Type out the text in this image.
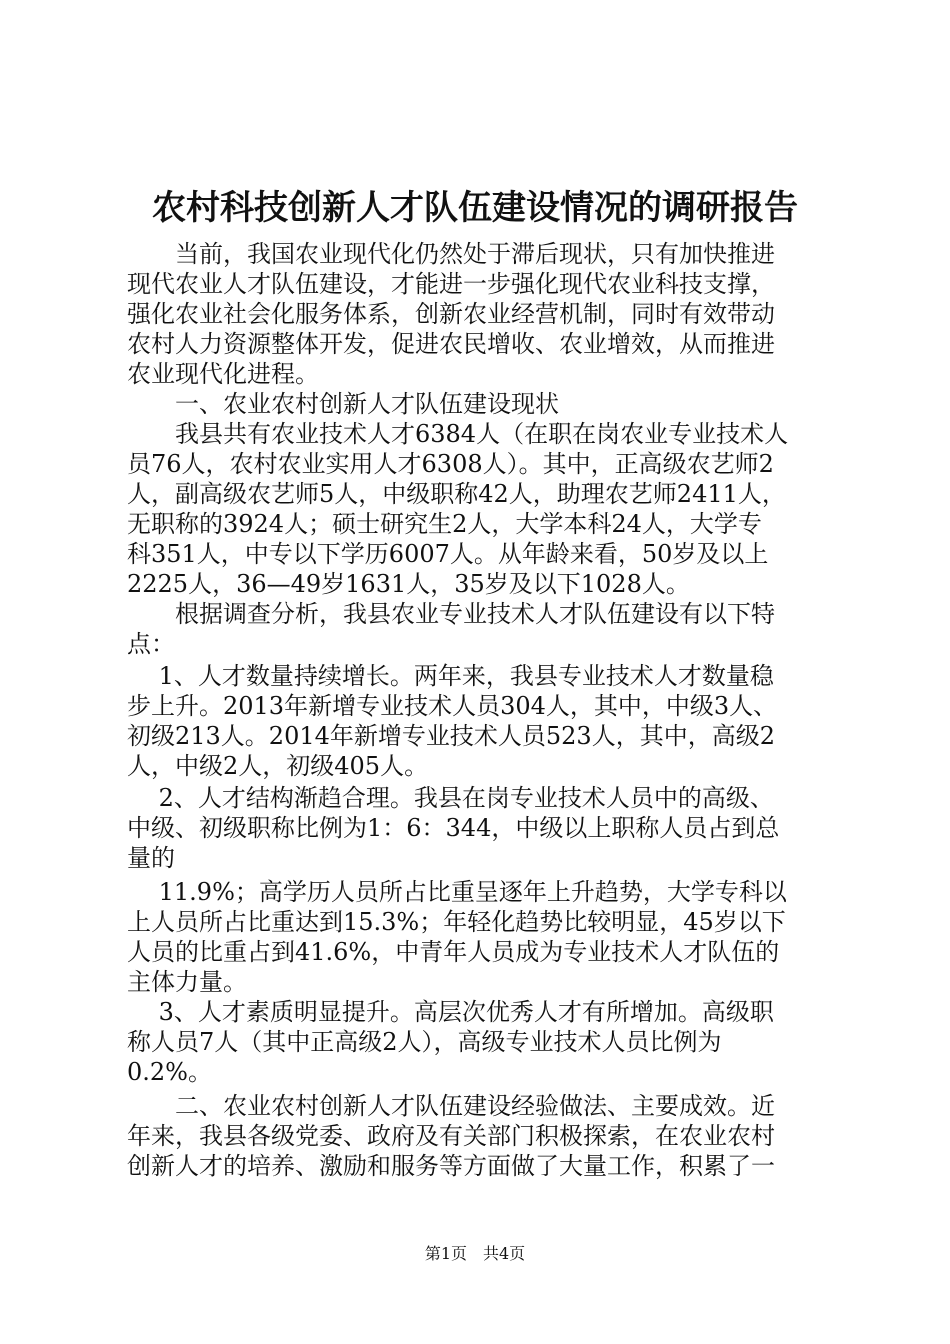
农村科技创新人才队伍建设情况的调研报告
　　当前，我国农业现代化仍然处于滞后现状，只有加快推进
现代农业人才队伍建设，才能进一步强化现代农业科技支撑，
强化农业社会化服务体系，创新农业经营机制，同时有效带动
农村人力资源整体开发，促进农民增收、农业增效，从而推进
农业现代化进程。
　　一、农业农村创新人才队伍建设现状
　　我县共有农业技术人才6384人（在职在岗农业专业技术人
员76人，农村农业实用人才6308人）。其中，正高级农艺师2
人，副高级农艺师5人，中级职称42人，助理农艺师2411人，
无职称的3924人；硕士研究生2人，大学本科24人，大学专
科351人，中专以下学历6007人。从年龄来看，50岁及以上
2225人，36—49岁1631人，35岁及以下1028人。
　　根据调查分析，我县农业专业技术人才队伍建设有以下特
点：
　 1、人才数量持续增长。两年来，我县专业技术人才数量稳
步上升。2013年新增专业技术人员304人，其中，中级3人、
初级213人。2014年新增专业技术人员523人，其中，高级2
人，中级2人，初级405人。
　 2、人才结构渐趋合理。我县在岗专业技术人员中的高级、
中级、初级职称比例为1：6：344，中级以上职称人员占到总
量的
　 11.9%；高学历人员所占比重呈逐年上升趋势，大学专科以
上人员所占比重达到15.3%；年轻化趋势比较明显，45岁以下
人员的比重占到41.6%，中青年人员成为专业技术人才队伍的
主体力量。
　 3、人才素质明显提升。高层次优秀人才有所增加。高级职
称人员7人（其中正高级2人），高级专业技术人员比例为
0.2%。
　　二、农业农村创新人才队伍建设经验做法、主要成效。近
年来，我县各级党委、政府及有关部门积极探索，在农业农村
创新人才的培养、激励和服务等方面做了大量工作，积累了一
第1页　共4页
